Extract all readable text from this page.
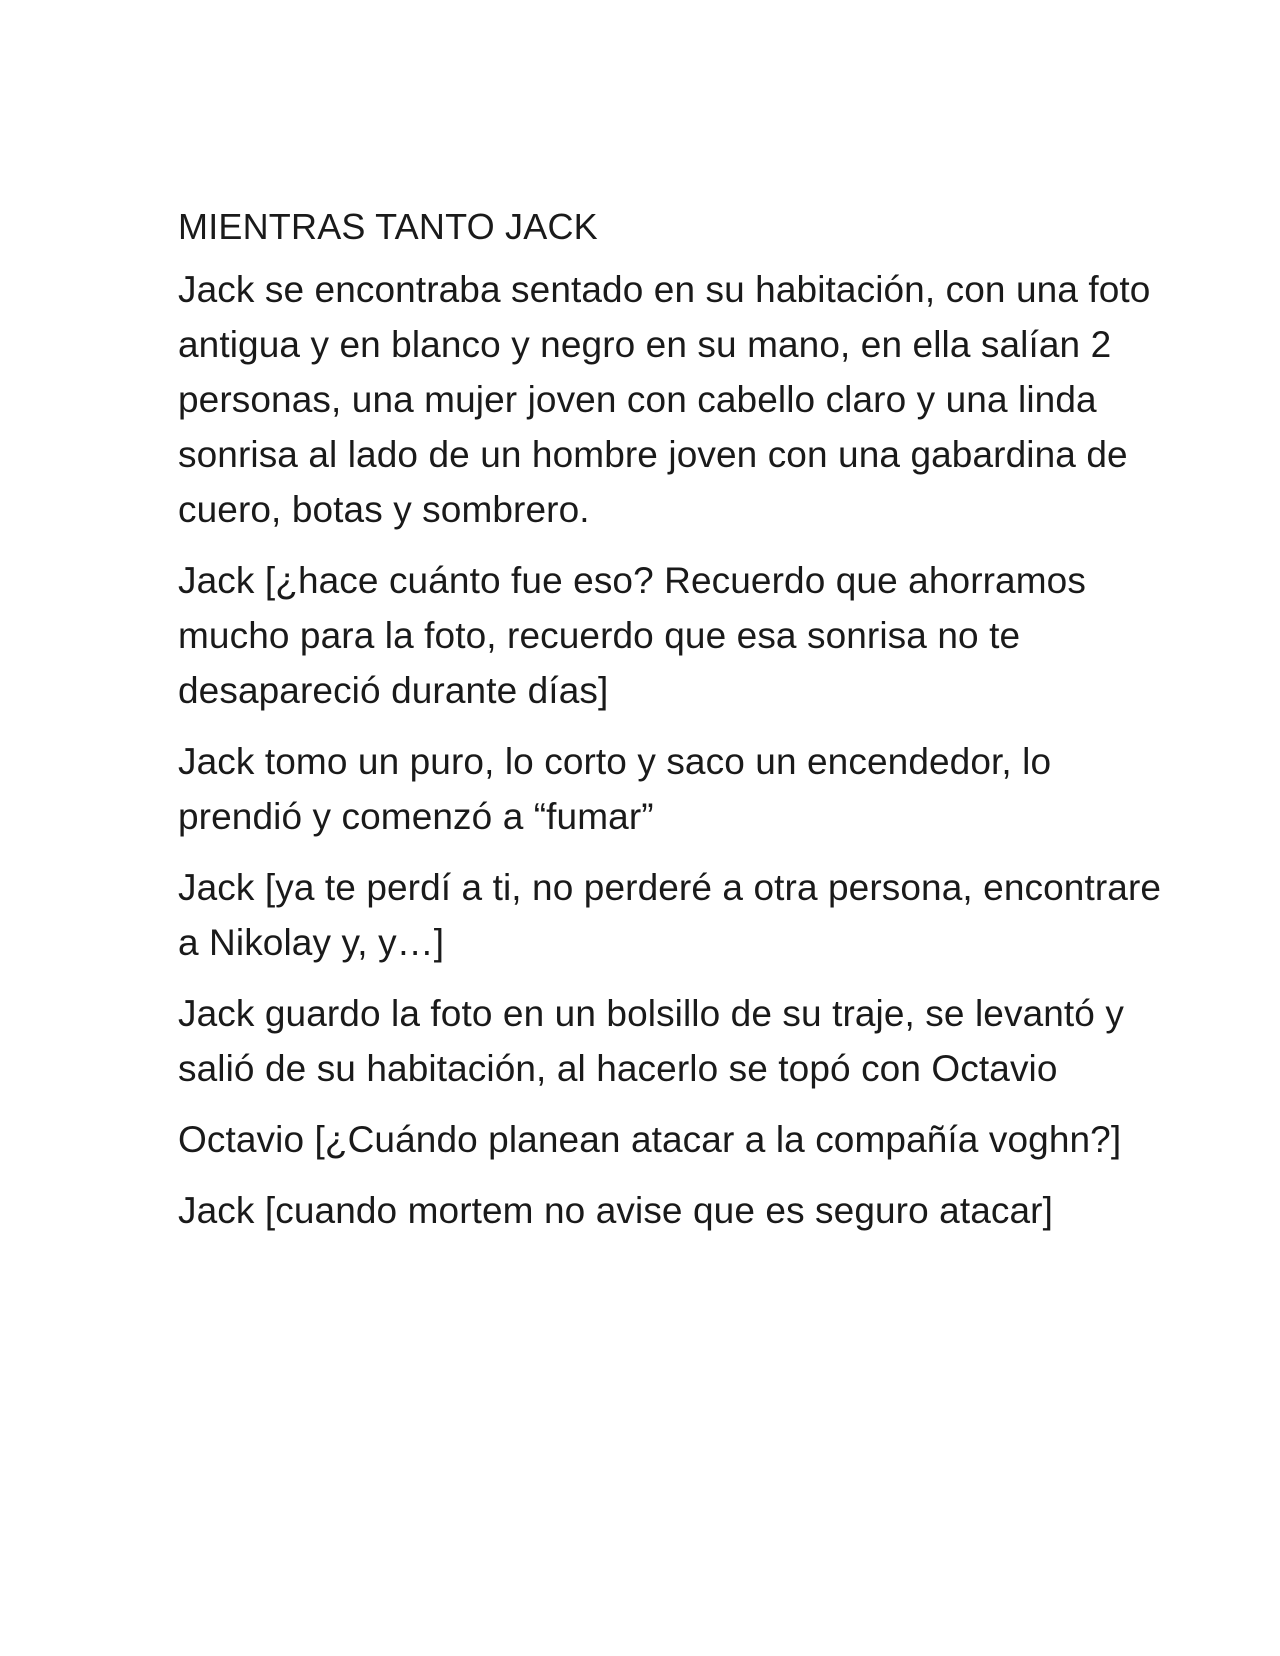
MIENTRAS TANTO JACK

Jack se encontraba sentado en su habitación, con una foto antigua y en blanco y negro en su mano, en ella salían 2 personas, una mujer joven con cabello claro y una linda sonrisa al lado de un hombre joven con una gabardina de cuero, botas y sombrero.

Jack [¿hace cuánto fue eso? Recuerdo que ahorramos mucho para la foto, recuerdo que esa sonrisa no te desapareció durante días]

Jack tomo un puro, lo corto y saco un encendedor, lo prendió y comenzó a “fumar”

Jack [ya te perdí a ti, no perderé a otra persona, encontrare a Nikolay y, y…]

Jack guardo la foto en un bolsillo de su traje, se levantó y salió de su habitación, al hacerlo se topó con Octavio

Octavio [¿Cuándo planean atacar a la compañía voghn?]

Jack [cuando mortem no avise que es seguro atacar]
